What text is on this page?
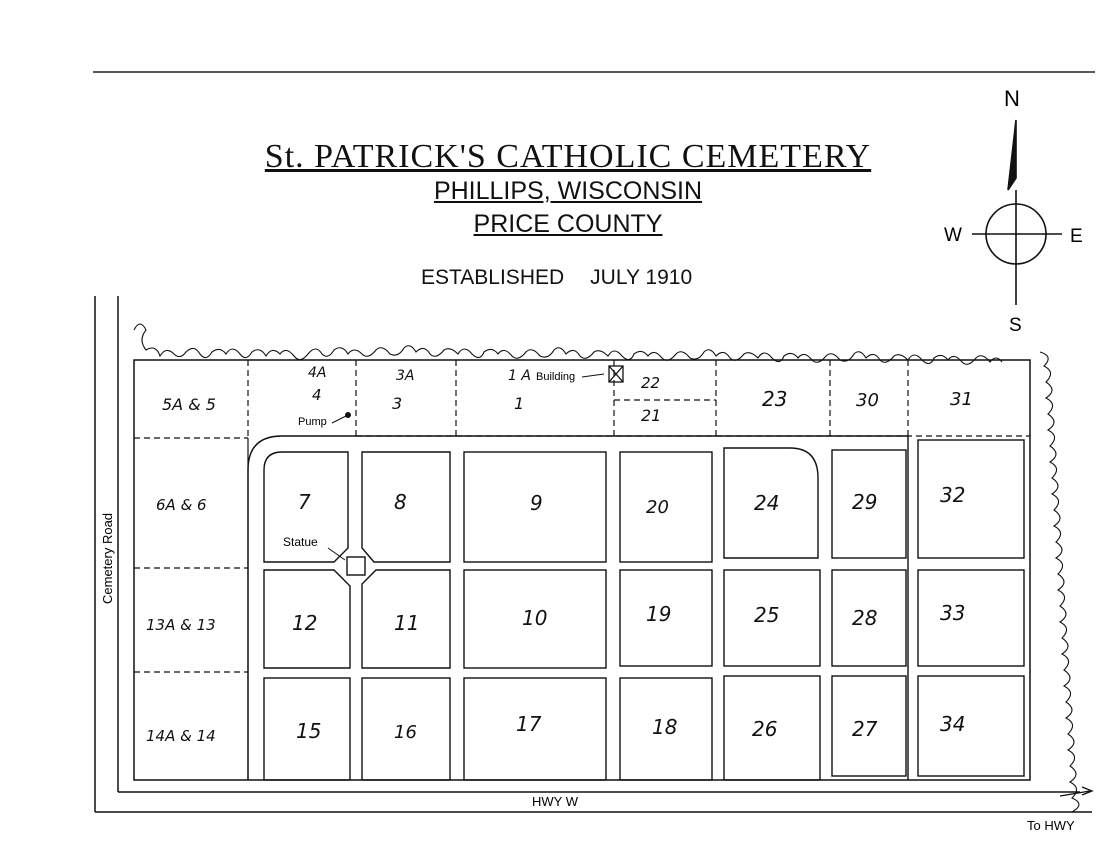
N
S
W	E
Cemetery Road
HWY W
To HWY
Building
Pump
Statue
5A & 5
4A
4
3A
3
1 A
1
22
21
23	30	31
6A & 6	7	8	9	20	24	29	32
13A & 13	12	11	10	19	25	28	33
14A & 14	15	16	17	18	26	27	34
St. PATRICK'S CATHOLIC CEMETERY
PHILLIPS, WISCONSIN
PRICE COUNTY
ESTABLISHED JULY 1910
